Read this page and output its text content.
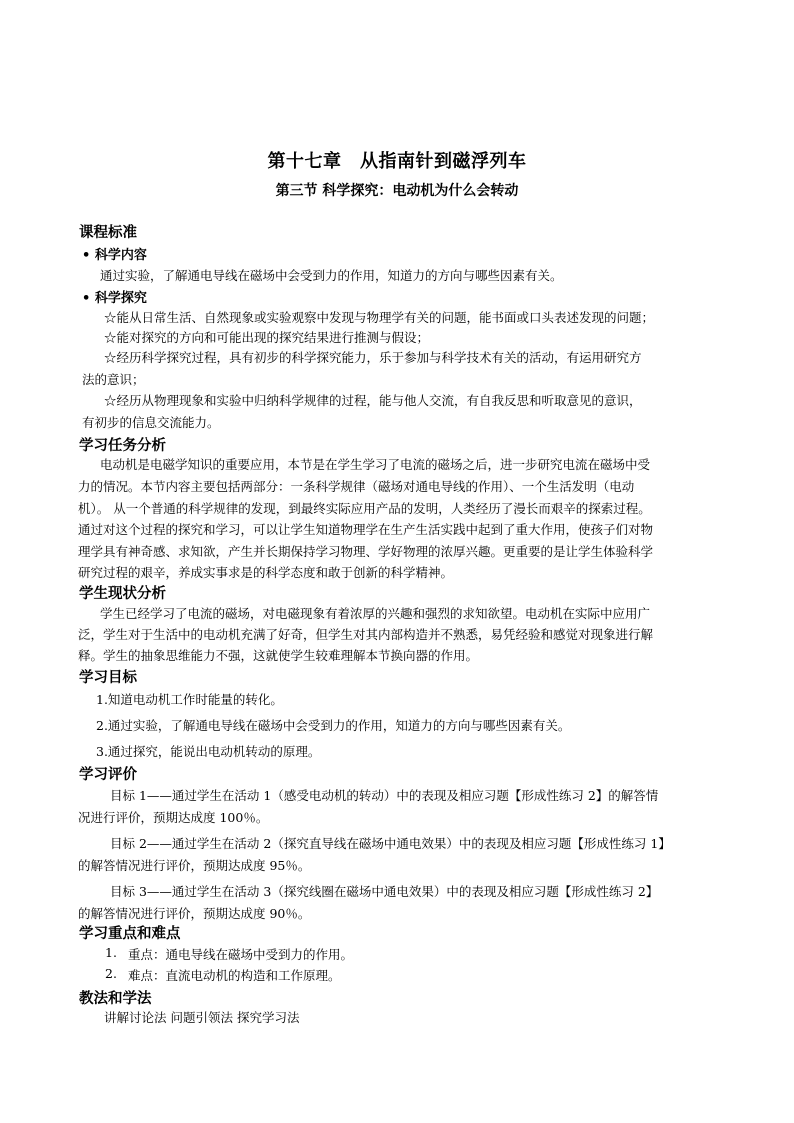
第十七章　从指南针到磁浮列车
第三节 科学探究：电动机为什么会转动
课程标准
• 科学内容
通过实验，了解通电导线在磁场中会受到力的作用，知道力的方向与哪些因素有关。
• 科学探究
☆能从日常生活、自然现象或实验观察中发现与物理学有关的问题，能书面或口头表述发现的问题；
☆能对探究的方向和可能出现的探究结果进行推测与假设；
☆经历科学探究过程，具有初步的科学探究能力，乐于参加与科学技术有关的活动，有运用研究方
法的意识；
☆经历从物理现象和实验中归纳科学规律的过程，能与他人交流，有自我反思和听取意见的意识，
有初步的信息交流能力。
学习任务分析
电动机是电磁学知识的重要应用，本节是在学生学习了电流的磁场之后，进一步研究电流在磁场中受
力的情况。本节内容主要包括两部分：一条科学规律（磁场对通电导线的作用）、一个生活发明（电动
机）。 从一个普通的科学规律的发现，到最终实际应用产品的发明，人类经历了漫长而艰辛的探索过程。
通过对这个过程的探究和学习，可以让学生知道物理学在生产生活实践中起到了重大作用，使孩子们对物
理学具有神奇感、求知欲，产生并长期保持学习物理、学好物理的浓厚兴趣。更重要的是让学生体验科学
研究过程的艰辛，养成实事求是的科学态度和敢于创新的科学精神。
学生现状分析
学生已经学习了电流的磁场，对电磁现象有着浓厚的兴趣和强烈的求知欲望。电动机在实际中应用广
泛，学生对于生活中的电动机充满了好奇，但学生对其内部构造并不熟悉，易凭经验和感觉对现象进行解
释。学生的抽象思维能力不强，这就使学生较难理解本节换向器的作用。
学习目标
1.知道电动机工作时能量的转化。
2.通过实验，了解通电导线在磁场中会受到力的作用，知道力的方向与哪些因素有关。
3.通过探究，能说出电动机转动的原理。
学习评价
目标 1——通过学生在活动 1（感受电动机的转动）中的表现及相应习题【形成性练习 2】的解答情
况进行评价，预期达成度 100％。
目标 2——通过学生在活动 2（探究直导线在磁场中通电效果）中的表现及相应习题【形成性练习 1】
的解答情况进行评价，预期达成度 95％。
目标 3——通过学生在活动 3（探究线圈在磁场中通电效果）中的表现及相应习题【形成性练习 2】
的解答情况进行评价，预期达成度 90％。
学习重点和难点
1. 重点：通电导线在磁场中受到力的作用。
2. 难点：直流电动机的构造和工作原理。
教法和学法
讲解讨论法 问题引领法 探究学习法
